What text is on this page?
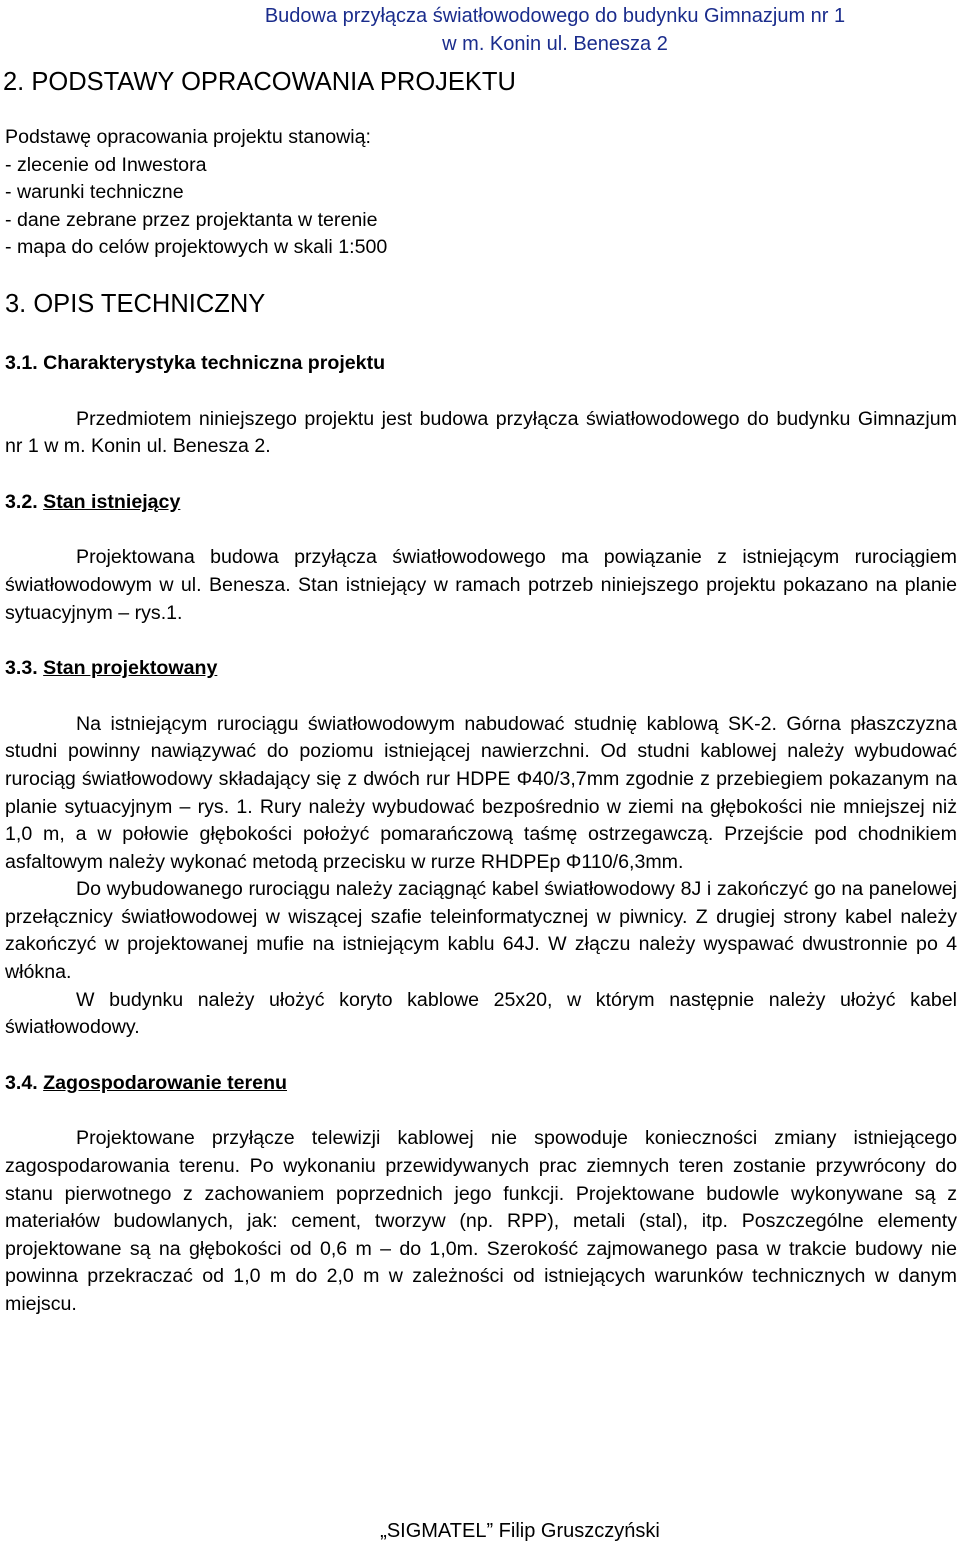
Budowa przyłącza światłowodowego do budynku Gimnazjum nr 1
w m. Konin ul. Benesza 2
2. PODSTAWY OPRACOWANIA PROJEKTU
Podstawę opracowania projektu stanowią:
- zlecenie od Inwestora
- warunki techniczne
- dane zebrane przez projektanta w terenie
- mapa do celów projektowych w skali 1:500
3. OPIS TECHNICZNY
3.1. Charakterystyka techniczna projektu

Przedmiotem niniejszego projektu jest budowa przyłącza światłowodowego do budynku Gimnazjum nr 1 w m. Konin ul. Benesza 2.

3.2. Stan istniejący

Projektowana budowa przyłącza światłowodowego ma powiązanie z istniejącym rurociągiem światłowodowym w ul. Benesza. Stan istniejący w ramach potrzeb niniejszego projektu pokazano na planie sytuacyjnym – rys.1.

3.3. Stan projektowany

Na istniejącym rurociągu światłowodowym nabudować studnię kablową SK-2. Górna płaszczyzna studni powinny nawiązywać do poziomu istniejącej nawierzchni. Od studni kablowej należy wybudować rurociąg światłowodowy składający się z dwóch rur HDPE Φ40/3,7mm zgodnie z przebiegiem pokazanym na planie sytuacyjnym – rys. 1. Rury należy wybudować bezpośrednio w ziemi na głębokości nie mniejszej niż 1,0 m, a w połowie głębokości położyć pomarańczową taśmę ostrzegawczą. Przejście pod chodnikiem asfaltowym należy wykonać metodą przecisku w rurze RHDPEp Φ110/6,3mm.

Do wybudowanego rurociągu należy zaciągnąć kabel światłowodowy 8J i zakończyć go na panelowej przełącznicy światłowodowej w wiszącej szafie teleinformatycznej w piwnicy. Z drugiej strony kabel należy zakończyć w projektowanej mufie na istniejącym kablu 64J. W złączu należy wyspawać dwustronnie po 4 włókna.

W budynku należy ułożyć koryto kablowe 25x20, w którym następnie należy ułożyć kabel światłowodowy.

3.4. Zagospodarowanie terenu

Projektowane przyłącze telewizji kablowej nie spowoduje konieczności zmiany istniejącego zagospodarowania terenu. Po wykonaniu przewidywanych prac ziemnych teren zostanie przywrócony do stanu pierwotnego z zachowaniem poprzednich jego funkcji. Projektowane budowle wykonywane są z materiałów budowlanych, jak: cement, tworzyw (np. RPP), metali (stal), itp. Poszczególne elementy projektowane są na głębokości od 0,6 m – do 1,0m. Szerokość zajmowanego pasa w trakcie budowy nie powinna przekraczać od 1,0 m do 2,0 m w zależności od istniejących warunków technicznych w danym miejscu.

„SIGMATEL” Filip Gruszczyński
